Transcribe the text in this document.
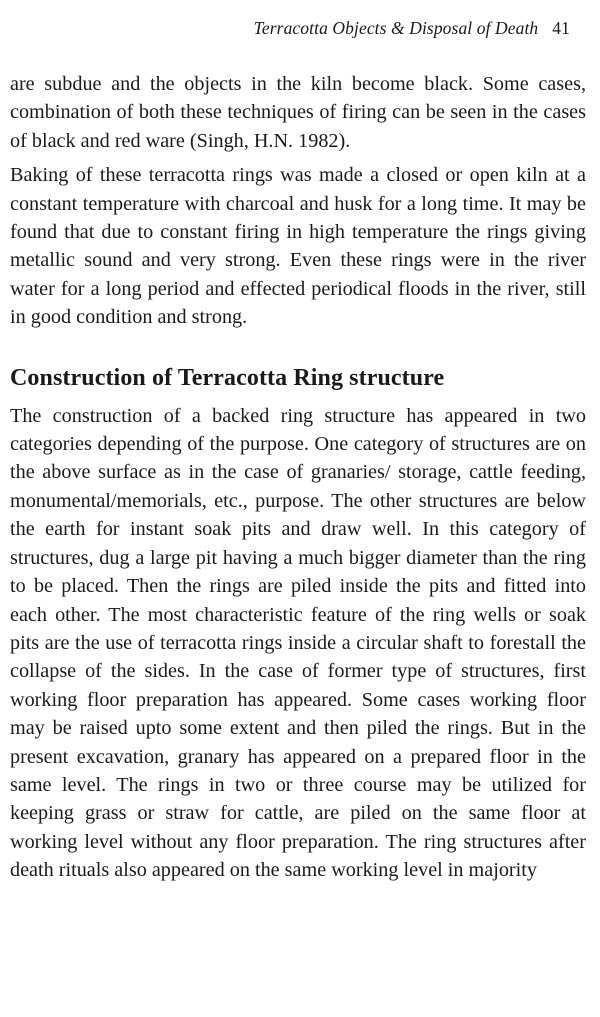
Terracotta Objects & Disposal of Death 41

are subdue and the objects in the kiln become black. Some cases, combination of both these techniques of firing can be seen in the cases of black and red ware (Singh, H.N. 1982).

Baking of these terracotta rings was made a closed or open kiln at a constant temperature with charcoal and husk for a long time. It may be found that due to constant firing in high temperature the rings giving metallic sound and very strong. Even these rings were in the river water for a long period and effected periodical floods in the river, still in good condition and strong.

Construction of Terracotta Ring structure

The construction of a backed ring structure has appeared in two categories depending of the purpose. One category of structures are on the above surface as in the case of granaries/ storage, cattle feeding, monumental/memorials, etc., purpose. The other structures are below the earth for instant soak pits and draw well. In this category of structures, dug a large pit having a much bigger diameter than the ring to be placed. Then the rings are piled inside the pits and fitted into each other. The most characteristic feature of the ring wells or soak pits are the use of terracotta rings inside a circular shaft to forestall the collapse of the sides. In the case of former type of structures, first working floor preparation has appeared. Some cases working floor may be raised upto some extent and then piled the rings. But in the present excavation, granary has appeared on a prepared floor in the same level. The rings in two or three course may be utilized for keeping grass or straw for cattle, are piled on the same floor at working level without any floor preparation. The ring structures after death rituals also appeared on the same working level in majority
